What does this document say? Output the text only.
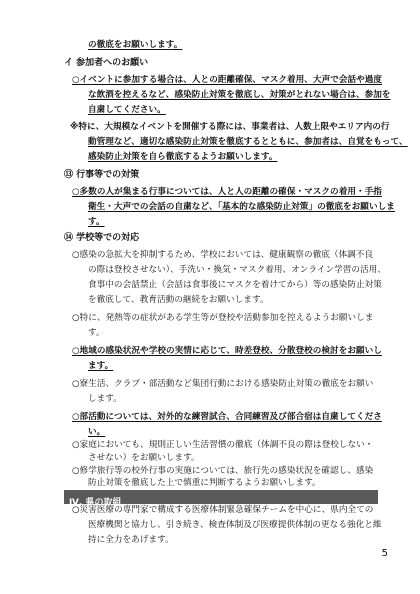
の徹底をお願いします。
イ 参加者へのお願い
○イベントに参加する場合は、人との距離確保、マスク着用、大声で会話や過度
な飲酒を控えるなど、感染防止対策を徹底し、対策がとれない場合は、参加を
自粛してください。
※特に、大規模なイベントを開催する際には、事業者は、人数上限やエリア内の行
動管理など、適切な感染防止対策を徹底するとともに、参加者は、自覚をもって、
感染防止対策を自ら徹底するようお願いします。
⑬ 行事等での対策
○多数の人が集まる行事については、人と人の距離の確保・マスクの着用・手指
衛生・大声での会話の自粛など、「基本的な感染防止対策」の徹底をお願いしま
す。
⑭ 学校等での対応
○感染の急拡大を抑制するため、学校においては、健康観察の徹底（体調不良
の際は登校させない）、手洗い・換気・マスク着用、オンライン学習の活用、
食事中の会話禁止（会話は食事後にマスクを着けてから）等の感染防止対策
を徹底して、教育活動の継続をお願いします。
○特に、発熱等の症状がある学生等が登校や活動参加を控えるようお願いしま
す。
○地域の感染状況や学校の実情に応じて、時差登校、分散登校の検討をお願いし
ます。
○寮生活、クラブ・部活動など集団行動における感染防止対策の徹底をお願い
します。
○部活動については、対外的な練習試合、合同練習及び部合宿は自粛してくださ
い。
○家庭においても、規則正しい生活習慣の徹底（体調不良の際は登校しない・
させない）をお願いします。
Ⅳ. 県の取組
○災害医療の専門家で構成する医療体制緊急確保チームを中心に、県内全ての
医療機関と協力し、引き続き、検査体制及び医療提供体制の更なる強化と維
持に全力をあげます。
5
○修学旅行等の校外行事の実施については、旅行先の感染状況を確認し、感染
防止対策を徹底した上で慎重に判断するようお願いします。
